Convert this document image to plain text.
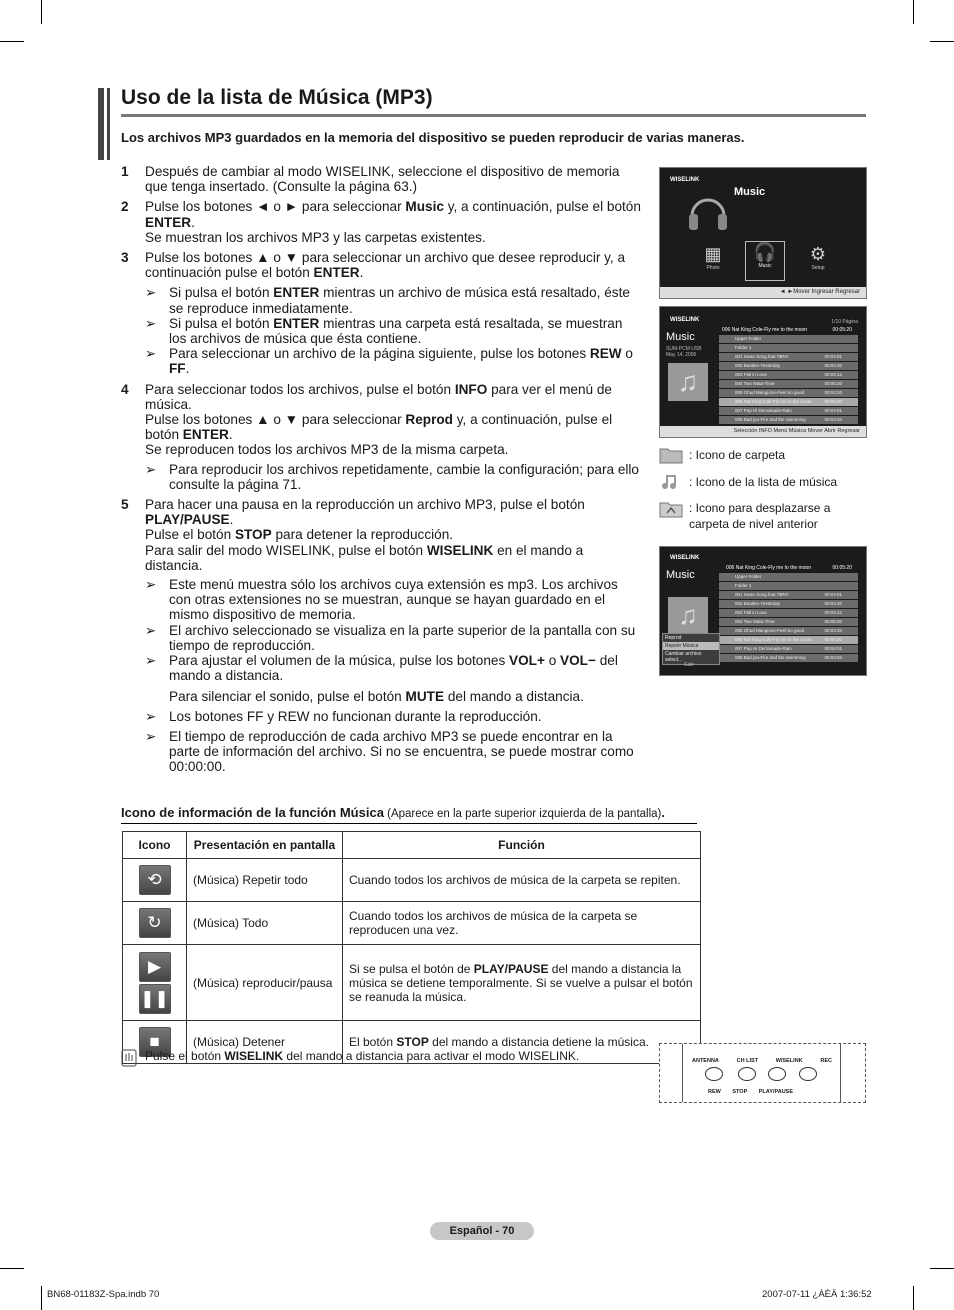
Uso de la lista de Música (MP3)
Los archivos MP3 guardados en la memoria del dispositivo se pueden reproducir de varias maneras.
1	Después de cambiar al modo WISELINK, seleccione el dispositivo de memoria que tenga insertado. (Consulte la página 63.)
2	Pulse los botones ◄ o ► para seleccionar Music y, a continuación, pulse el botón ENTER.
Se muestran los archivos MP3 y las carpetas existentes.
3	Pulse los botones ▲ o ▼ para seleccionar un archivo que desee reproducir y, a continuación pulse el botón ENTER.
➢ Si pulsa el botón ENTER mientras un archivo de música está resaltado, éste se reproduce inmediatamente.
➢ Si pulsa el botón ENTER mientras una carpeta está resaltada, se muestran los archivos de música que ésta contiene.
➢ Para seleccionar un archivo de la página siguiente, pulse los botones REW o FF.
4	Para seleccionar todos los archivos, pulse el botón INFO para ver el menú de música.
Pulse los botones ▲ o ▼ para seleccionar Reprod y, a continuación, pulse el botón ENTER.
Se reproducen todos los archivos MP3 de la misma carpeta.
➢ Para reproducir los archivos repetidamente, cambie la configuración; para ello consulte la página 71.
5	Para hacer una pausa en la reproducción un archivo MP3, pulse el botón PLAY/PAUSE.
Pulse el botón STOP para detener la reproducción.
Para salir del modo WISELINK, pulse el botón WISELINK en el mando a distancia.
➢ Este menú muestra sólo los archivos cuya extensión es mp3. Los archivos con otras extensiones no se muestran, aunque se hayan guardado en el mismo dispositivo de memoria.
➢ El archivo seleccionado se visualiza en la parte superior de la pantalla con su tiempo de reproducción.
➢ Para ajustar el volumen de la música, pulse los botones VOL+ o VOL− del mando a distancia.
Para silenciar el sonido, pulse el botón MUTE del mando a distancia.
➢ Los botones FF y REW no funcionan durante la reproducción.
➢ El tiempo de reproducción de cada archivo MP3 se puede encontrar en la parte de información del archivo. Si no se encuentra, se puede mostrar como 00:00:00.
WISELINK
Music
▦
Photo
🎧
Music
⚙
Setup
◄ ►Mover Ingresar Regresar
WISELINK	1/10 Página
Music
SUM-PCM USB
May 14, 2006
♫
006 Nat King Cole-Fly me to the moon	00:05:20
Upper Folder
Folder 1
001 Swan Song feat.TBNY	00:04:01
002 Beatles-Yesterday	00:04:20
003 Fall in Love	00:04:12
004 Two Mata-Time	00:05:20
005 Ohud Mangione-Feel So good	00:04:20
006 Nat King Cole-Fly me to the moon	00:05:20
007 Pop Hi Derramado-Rain	00:04:01
008 Bad joo-Fire and the swimming	00:03:04
Selección INFO Menú Música Mover Abrir Regresar
: Icono de carpeta
: Icono de la lista de música
: Icono para desplazarse a carpeta de nivel anterior
WISELINK
Music
006 Nat King Cole-Fly me to the moon	00:05:20
♫
Upper Folder
Folder 1
001 Swan Song feat.TBNY	00:04:01
002 Beatles-Yesterday	00:04:20
003 Fall in Love	00:04:12
004 Two Mata-Time	00:05:20
005 Ohud Mangione-Feel So good	00:04:20
006 Nat King Cole-Fly me to the moon	00:05:20
007 Pop Hi Derramado-Rain	00:04:01
008 Bad joo-Fire and the swimming	00:03:04
Reprod
Repetir Música
Cambiar archivo select..
Salir
Icono de información de la función Música (Aparece en la parte superior izquierda de la pantalla).
Icono	Presentación en pantalla	Función

⟲	(Música) Repetir todo	Cuando todos los archivos de música de la carpeta se repiten.

↻	(Música) Todo	Cuando todos los archivos de música de la carpeta se reproducen una vez.

▶
❚❚	(Música) reproducir/pausa	Si se pulsa el botón de PLAY/PAUSE del mando a distancia la música se detiene temporalmente. Si se vuelve a pulsar el botón se reanuda la música.

■	(Música) Detener	El botón STOP del mando a distancia detiene la música.
Pulse el botón WISELINK del mando a distancia para activar el modo WISELINK.	ANTENNA	CH LIST	WISELINK	REC
REW STOP PLAY/PAUSE
Español - 70
BN68-01183Z-Spa.indb 70	2007-07-11 ¿ÀÈÄ 1:36:52
